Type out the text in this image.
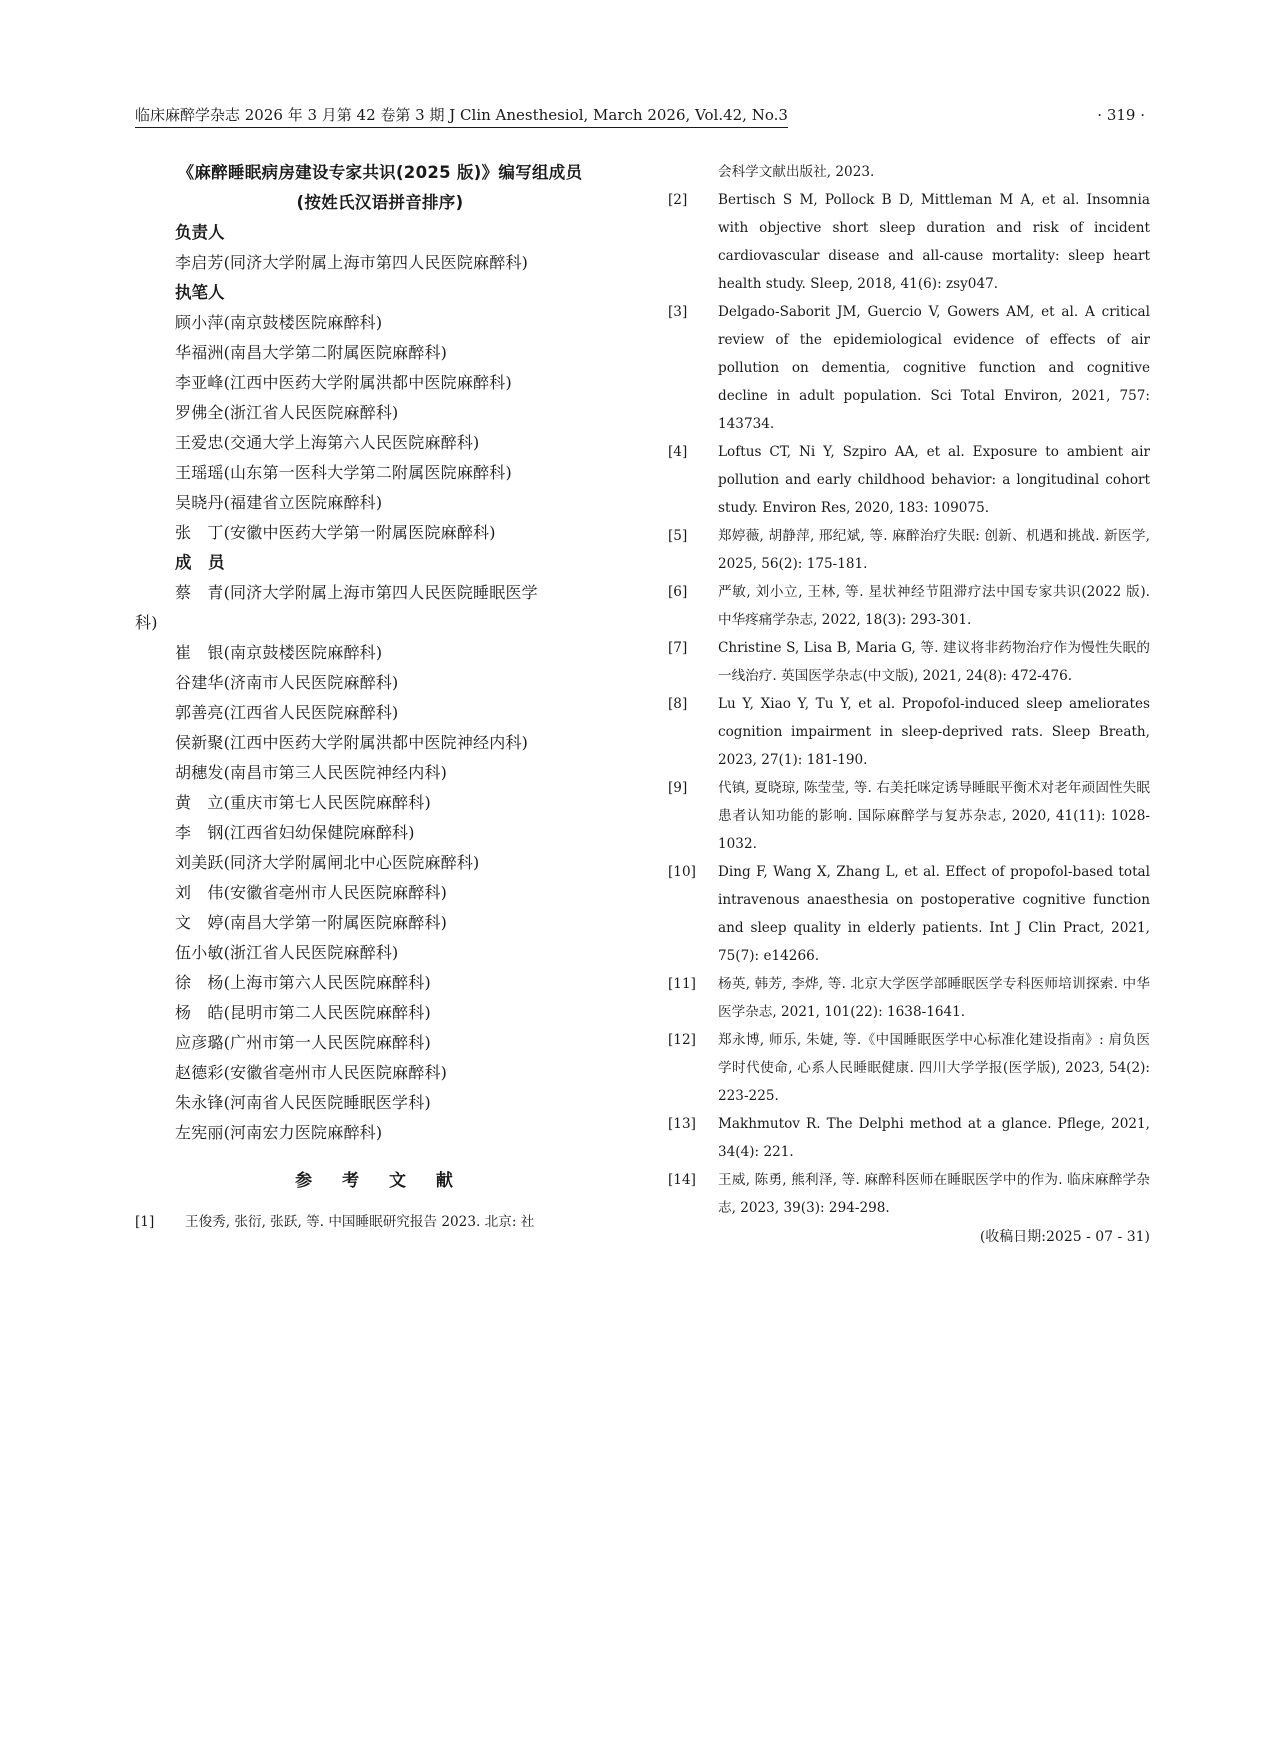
临床麻醉学杂志 2026 年 3 月第 42 卷第 3 期 J Clin Anesthesiol, March 2026, Vol.42, No.3	· 319 ·
《麻醉睡眠病房建设专家共识(2025 版)》编写组成员
(按姓氏汉语拼音排序)
负责人
李启芳(同济大学附属上海市第四人民医院麻醉科)
执笔人
顾小萍(南京鼓楼医院麻醉科)
华福洲(南昌大学第二附属医院麻醉科)
李亚峰(江西中医药大学附属洪都中医院麻醉科)
罗佛全(浙江省人民医院麻醉科)
王爱忠(交通大学上海第六人民医院麻醉科)
王瑶瑶(山东第一医科大学第二附属医院麻醉科)
吴晓丹(福建省立医院麻醉科)
张　丁(安徽中医药大学第一附属医院麻醉科)
成　员
蔡　青(同济大学附属上海市第四人民医院睡眠医学
科)
崔　银(南京鼓楼医院麻醉科)
谷建华(济南市人民医院麻醉科)
郭善亮(江西省人民医院麻醉科)
侯新聚(江西中医药大学附属洪都中医院神经内科)
胡穗发(南昌市第三人民医院神经内科)
黄　立(重庆市第七人民医院麻醉科)
李　钢(江西省妇幼保健院麻醉科)
刘美跃(同济大学附属闸北中心医院麻醉科)
刘　伟(安徽省亳州市人民医院麻醉科)
文　婷(南昌大学第一附属医院麻醉科)
伍小敏(浙江省人民医院麻醉科)
徐　杨(上海市第六人民医院麻醉科)
杨　皓(昆明市第二人民医院麻醉科)
应彦璐(广州市第一人民医院麻醉科)
赵德彩(安徽省亳州市人民医院麻醉科)
朱永锋(河南省人民医院睡眠医学科)
左宪丽(河南宏力医院麻醉科)
参 考 文 献
[1]	王俊秀, 张衍, 张跃, 等. 中国睡眠研究报告 2023. 北京: 社
会科学文献出版社, 2023.
[2]	Bertisch S M, Pollock B D, Mittleman M A, et al. Insomnia with objective short sleep duration and risk of incident cardiovascular disease and all-cause mortality: sleep heart health study. Sleep, 2018, 41(6): zsy047.
[3]	Delgado-Saborit JM, Guercio V, Gowers AM, et al. A critical review of the epidemiological evidence of effects of air pollution on dementia, cognitive function and cognitive decline in adult population. Sci Total Environ, 2021, 757: 143734.
[4]	Loftus CT, Ni Y, Szpiro AA, et al. Exposure to ambient air pollution and early childhood behavior: a longitudinal cohort study. Environ Res, 2020, 183: 109075.
[5]	郑婷薇, 胡静萍, 邢纪斌, 等. 麻醉治疗失眠: 创新、机遇和挑战. 新医学, 2025, 56(2): 175-181.
[6]	严敏, 刘小立, 王林, 等. 星状神经节阻滞疗法中国专家共识(2022 版). 中华疼痛学杂志, 2022, 18(3): 293-301.
[7]	Christine S, Lisa B, Maria G, 等. 建议将非药物治疗作为慢性失眠的一线治疗. 英国医学杂志(中文版), 2021, 24(8): 472-476.
[8]	Lu Y, Xiao Y, Tu Y, et al. Propofol-induced sleep ameliorates cognition impairment in sleep-deprived rats. Sleep Breath, 2023, 27(1): 181-190.
[9]	代镇, 夏晓琼, 陈莹莹, 等. 右美托咪定诱导睡眠平衡术对老年顽固性失眠患者认知功能的影响. 国际麻醉学与复苏杂志, 2020, 41(11): 1028-1032.
[10]	Ding F, Wang X, Zhang L, et al. Effect of propofol-based total intravenous anaesthesia on postoperative cognitive function and sleep quality in elderly patients. Int J Clin Pract, 2021, 75(7): e14266.
[11]	杨英, 韩芳, 李烨, 等. 北京大学医学部睡眠医学专科医师培训探索. 中华医学杂志, 2021, 101(22): 1638-1641.
[12]	郑永博, 师乐, 朱婕, 等.《中国睡眠医学中心标准化建设指南》: 肩负医学时代使命, 心系人民睡眠健康. 四川大学学报(医学版), 2023, 54(2): 223-225.
[13]	Makhmutov R. The Delphi method at a glance. Pflege, 2021, 34(4): 221.
[14]	王威, 陈勇, 熊利泽, 等. 麻醉科医师在睡眠医学中的作为. 临床麻醉学杂志, 2023, 39(3): 294-298.
(收稿日期:2025 - 07 - 31)
